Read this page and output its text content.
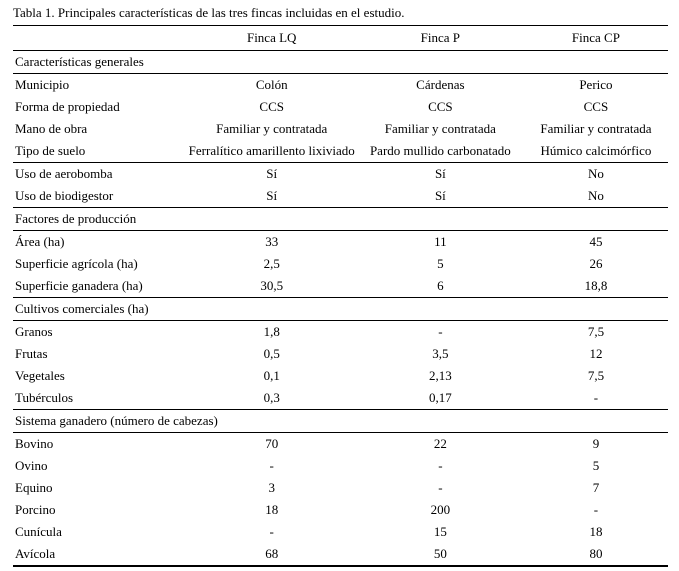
Tabla 1. Principales características de las tres fincas incluidas en el estudio.
	Finca LQ	Finca P	Finca CP
Características generales			
Municipio	Colón	Cárdenas	Perico
Forma de propiedad	CCS	CCS	CCS
Mano de obra	Familiar y contratada	Familiar y contratada	Familiar y contratada
Tipo de suelo	Ferralítico amarillento lixiviado	Pardo mullido carbonatado	Húmico calcimórfico
Uso de aerobomba	Sí	Sí	No
Uso de biodigestor	Sí	Sí	No
Factores de producción			
Área (ha)	33	11	45
Superficie agrícola (ha)	2,5	5	26
Superficie ganadera (ha)	30,5	6	18,8
Cultivos comerciales (ha)			
Granos	1,8	-	7,5
Frutas	0,5	3,5	12
Vegetales	0,1	2,13	7,5
Tubérculos	0,3	0,17	-
Sistema ganadero (número de cabezas)			
Bovino	70	22	9
Ovino	-	-	5
Equino	3	-	7
Porcino	18	200	-
Cunícula	-	15	18
Avícola	68	50	80
